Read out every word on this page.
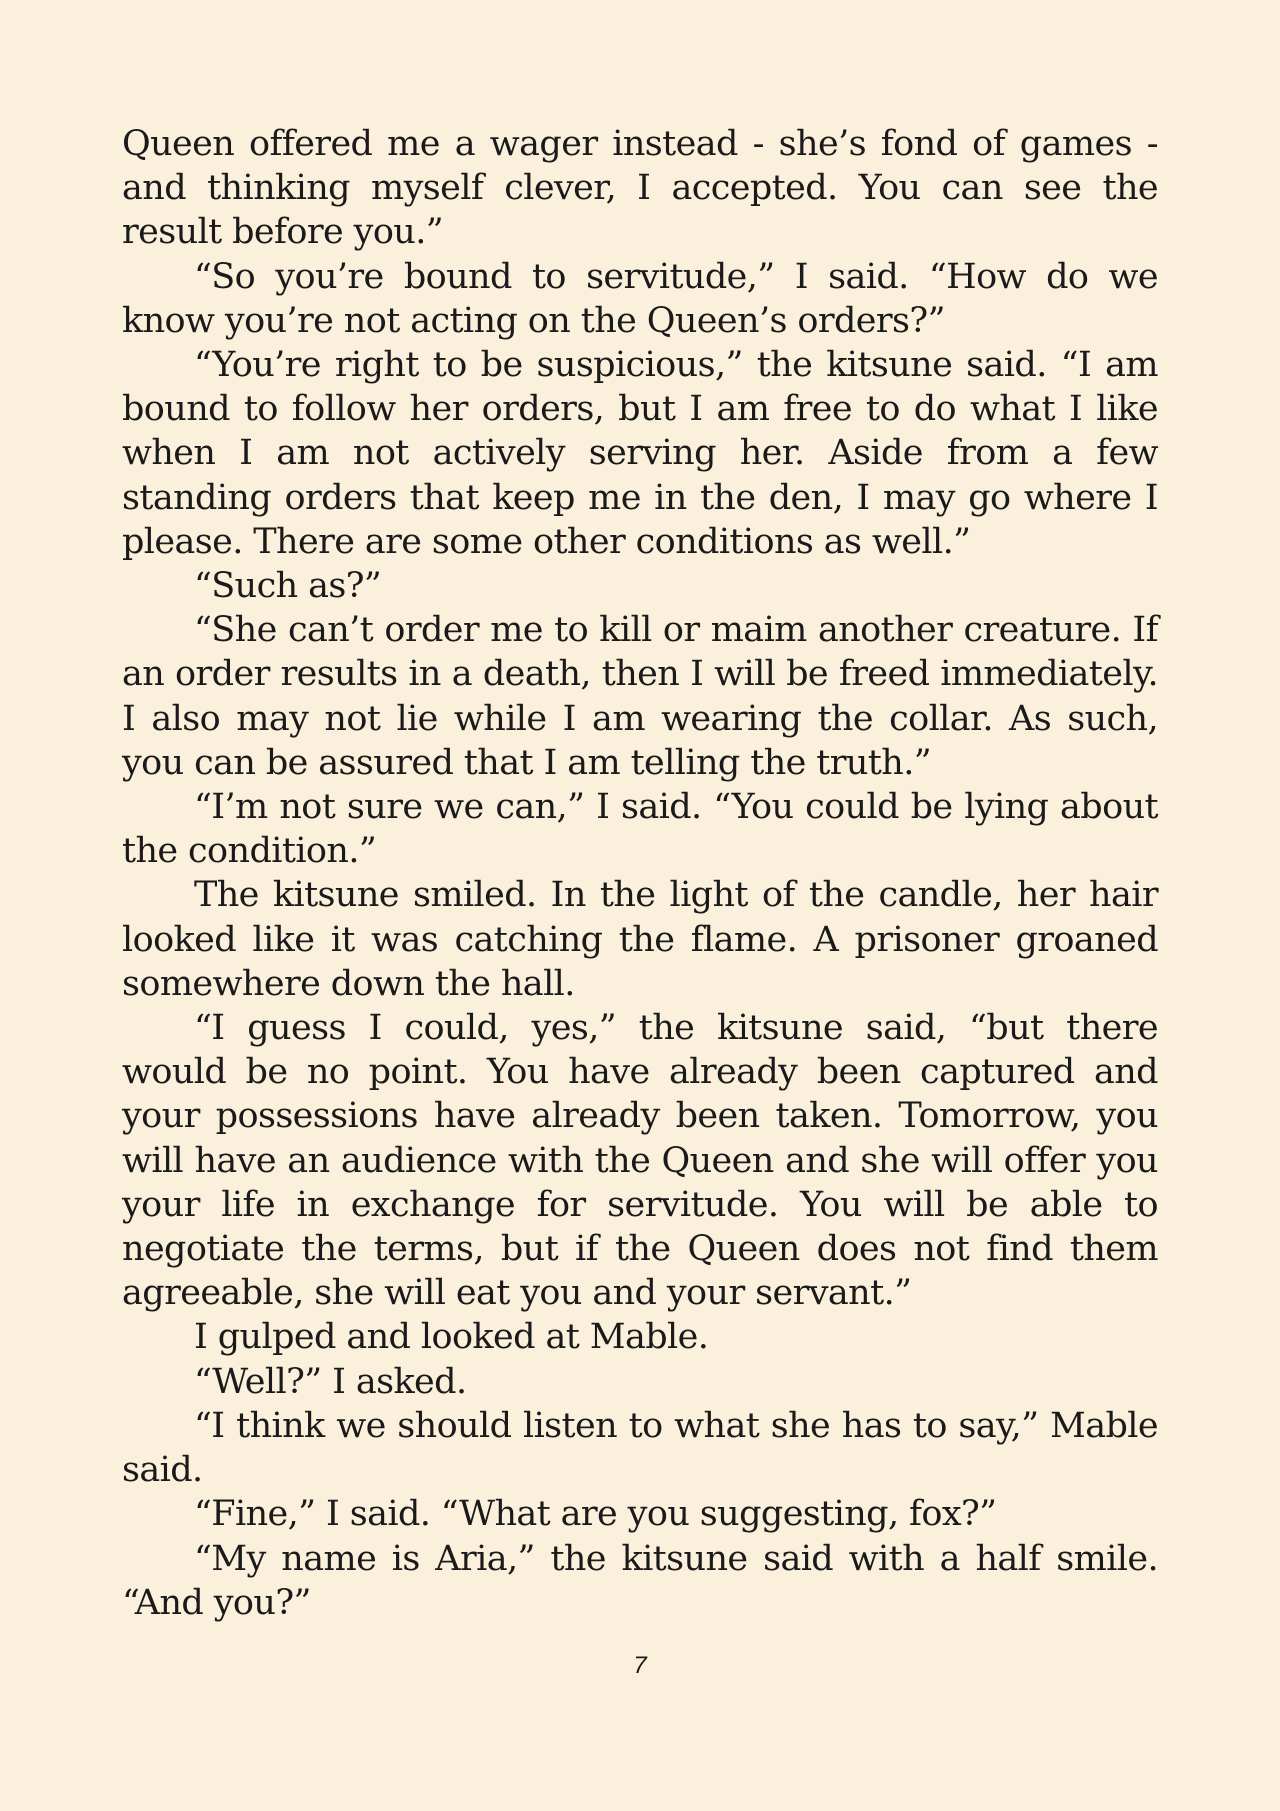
Queen offered me a wager instead - she’s fond of games - and thinking myself clever, I accepted. You can see the result before you.”

“So you’re bound to servitude,” I said. “How do we know you’re not acting on the Queen’s orders?”

“You’re right to be suspicious,” the kitsune said. “I am bound to follow her orders, but I am free to do what I like when I am not actively serving her. Aside from a few standing orders that keep me in the den, I may go where I please. There are some other conditions as well.”

“Such as?”

“She can’t order me to kill or maim another creature. If an order results in a death, then I will be freed immediately. I also may not lie while I am wearing the collar. As such, you can be assured that I am telling the truth.”

“I’m not sure we can,” I said. “You could be lying about the condition.”

The kitsune smiled. In the light of the candle, her hair looked like it was catching the flame. A prisoner groaned somewhere down the hall.

“I guess I could, yes,” the kitsune said, “but there would be no point. You have already been captured and your possessions have already been taken. Tomorrow, you will have an audience with the Queen and she will offer you your life in exchange for servitude. You will be able to negotiate the terms, but if the Queen does not find them agreeable, she will eat you and your servant.”

I gulped and looked at Mable.

“Well?” I asked.

“I think we should listen to what she has to say,” Mable said.

“Fine,” I said. “What are you suggesting, fox?”

“My name is Aria,” the kitsune said with a half smile. “And you?”

7
